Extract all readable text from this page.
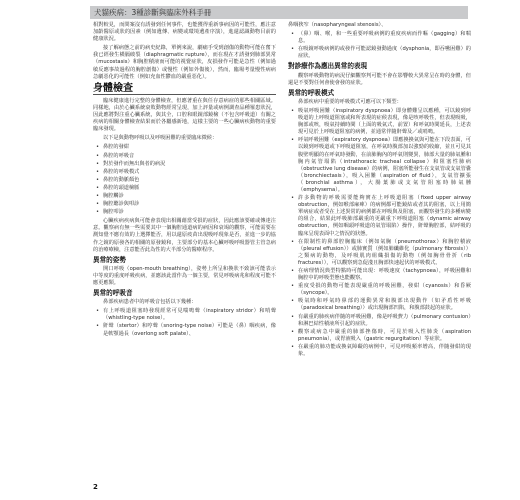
犬貓疾病：3種診斷與臨床外科手冊

相對較見，而問案沒有誘發到任何事件，也能獲得重新事病因的可能性，應注意加齡醫原或狀的因素（例如遺傳、病變或環境遺產序演），進還認識動物目前的健康狀況。

接了解病態之前的病史紀錄，單例來說，劇痛手受到創傷的動物可能在奮下我已經發生橫膈破裂（diaphragmatic rupture），而在現在才誘發到肺部異常（mucostasis）和胸腔積液而可能的視覺症狀，皮損發作可能是急性（例如過敏反應事故過程的胸腔創傷）或慢性（例如外傷後），然而，臨場考量慢性病病急劇惡化的可能性（例如充血性鬱血的嚴重惡化）。

身體檢查

臨床健康進行完整的身體檢查，但應著重在與任存意病症的那些相關區域。同樣地，由於心臟系統衰敗動物經常呈現，加上評量或病例調查品種罹患狀況，因此應將對注重心臟系統，與其全，口腔和眼鏡部鏡檢（不包含呼吸道）有關之疾病的相關身體檢查結果而於各屬感新地，這樣主要的一些心臟病疾動物的重要臨床發現。

以下是與動物呼吸以及呼吸困難的重要臨床徵候：

• 鼻腔的發紺
• 鼻腔的呼吸音
• 對於發作而無出與者的病況
• 鼻腔的呼吸模式
• 鼻腔的動脈顏色
• 鼻腔的頭道檢脈
• 胸腔觸診
• 胸腔聽診與叩診
• 胸腔叩診

心臟疾病疾病與可能會表現出相關藉當受損的症狀，因此應該要確或傳達注意。觀察病有無一些需要其中一個胸腔通道病的病因和衰竭的觀察，可能需要在測知覺不應有效的上選擇能否，用以還原疫苗出現吸呼現象是否，並進一步的協作之鏡的原發各的相關的原發鏡和，主要部分的基本心臟呼吸呼吸器管主管急病的治療療檢，注意能否此為性的大半部分的醫療程序。

異常的姿勢

開口呼吸（open-mouth breathing），姿勢上所呈和換狀不致該可能表示中等度的重度呼吸疾病，並應該此當作為一個主要，常見呼吸病兆和程度可能不應更應類。

異常的呼吸音

鼻部疾病患者中的呼吸音包括以下幾種：

• 有上呼吸道阻塞時發現經常可見喘鳴聲（inspiratory stridor）和哨聲（whistling-type noise）。
• 鼾聲（stertor）和哼聲（snoring-type noise）可能是（鼻）咽疾病，像是軟顎過長（overlong soft palate）、

鼻咽狹窄（nasopharyngeal stenosis）、

• （鼻）咽、喉，和一些重要呼吸病例的重度疾病而作嘔（gagging）和喘息。
• 在吸鏡呼吸病例的或發作可能認鏡發動過度（dysphonia，即吞嚥困難）的症狀。
對診療作為應出異常的表現

觀察呼吸動物的病況仔細觀察判可能不會在影響較大異常呈在時的身體，但還是不要對任何會使會發的症狀。

異常的呼吸模式

鼻部疾病中重要的呼吸模式可應可以下類型：

• 吸氣呼吸困難（inspiratory dyspnoea）即身體難呈以應種，可以鏡到呼吸道的上呼吸道阻塞或和所表現的症候表現，像是咳呼吸性，但表現吸吸，胸部或咳，吸氣持續時間（上面的吸氣式，前置）和呼氣時間延長，上述表現可見於上呼吸道阻塞的病例，並通常伴隨鼾聲及／或哨鳴。
• 呼氣呼吸困難（expiratory dyspnoea）即應換換氣與可能在下段表面，可以鏡到呼吸道或下呼吸道阻塞，在呼氣時腹部加以強勁的收縮，並且可見其腹壁明顯的在呼氣時發動，在前肺胸內的呼氣則變異，肺部大量的肺氣腫和胸内氣管塌陷（intrathoracic tracheal collapse）和阻塞性肺病（obstructive lung disease）的病例，阻塞所能發生在支氣管或支氣管嚢（bronchiectasis），吸入困難（aspiration of fluid），支氣管擴張（bronchial asthma），大腸葉肺或支氣管阻塞時肺氣腫（emphysema）。
• 許多動物的呼吸需要能夠實在上呼吸道阻塞（fixed upper airway obstruction，例如喉部麻痺）的病例都可能鏡結或者其的阻塞，以上用簡單病症或者受在上述異常的病例都在呼吸與及阻塞，而觀察發生的多種病變的組合，結果此呼吸肺部嚴重的更嚴重下呼吸道阻塞（dynamic airway obstruction，例如咽頭呼吸道的氣管塌陷）操作，鼾聲胸腔部，結呼吸的臨床呈現表面中之情況的狀態。
• 在限制性的鼻部腔胸臨床（例如氣胸（pneumothorax）和胸腔積液（pleural effusion））或肺實質（例如肺纖維化（pulmonary fibrosis））之類病的動物，及呼吸肌肉組織損傷的動物（例如胸骨骨折（rib fractures）），可以觀察到急促淺且胸部快速起伏的呼吸模式。
• 在病理情況典型特點時可能出現：呼吸速度（tachypnoea），呼吸困難和胸腔中的呼吸型態也能觀察。
• 重度受損的動物可能表現嚴重的呼吸困難，發紺（cyanosis）和昏厥（syncope）。
• 吸氣時和呼氣時鼻部的運動異常和腹部出現動作（如矛盾性呼吸（paradoxical breathing））或出現胸部凹陷，和腹部鼓起的症狀。
• 有嚴重的肺疾病伴隨的呼吸困難，像是呼吸費力（pulmonary contusion）和淋巴結性積液所引起的症狀。
• 觀察或病急中嚴重的肺部挫傷時，可見於吸入性肺炎（aspiration pneumonia），或胃液吸入（gastric regurgitation）等症狀。
• 在嚴重的肺功能或換氣障礙的病例中，可見呼吸頻率增高，伴隨發紺的現象。
2
